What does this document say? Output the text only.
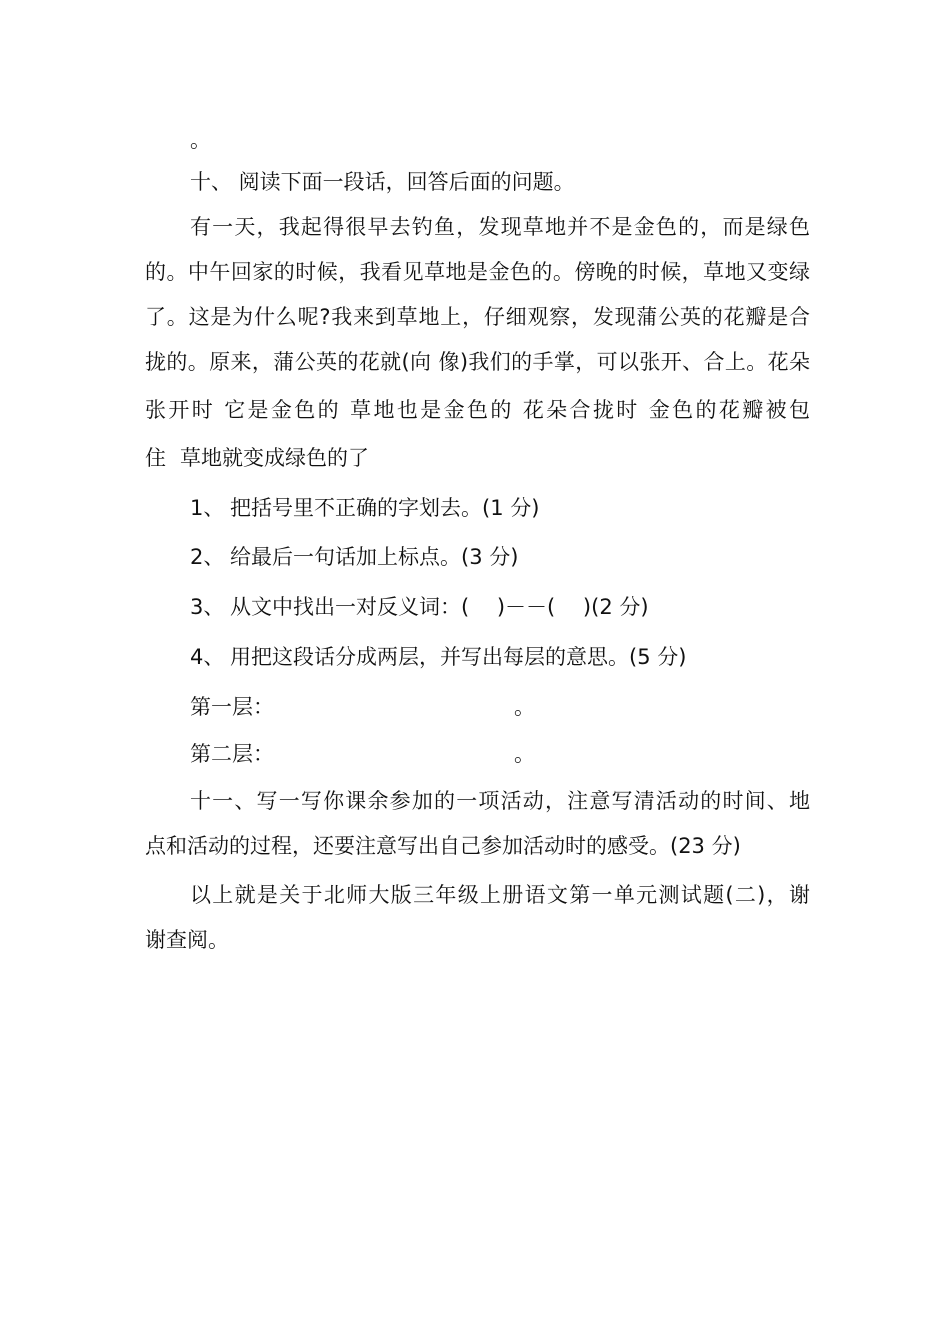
。
十、 阅读下面一段话，回答后面的问题。
有一天，我起得很早去钓鱼，发现草地并不是金色的，而是绿色
的。中午回家的时候，我看见草地是金色的。傍晚的时候，草地又变绿
了。这是为什么呢?我来到草地上，仔细观察，发现蒲公英的花瓣是合
拢的。原来，蒲公英的花就(向 像)我们的手掌，可以张开、合上。花朵
张开时 它是金色的 草地也是金色的 花朵合拢时 金色的花瓣被包
住 草地就变成绿色的了
1、 把括号里不正确的字划去。(1 分)
2、 给最后一句话加上标点。(3 分)
3、 从文中找出一对反义词：(　 )－－(　 )(2 分)
4、 用把这段话分成两层，并写出每层的意思。(5 分)
第一层：	。
第二层：	。
十一、写一写你课余参加的一项活动，注意写清活动的时间、地
点和活动的过程，还要注意写出自己参加活动时的感受。(23 分)
以上就是关于北师大版三年级上册语文第一单元测试题(二)，谢
谢查阅。
